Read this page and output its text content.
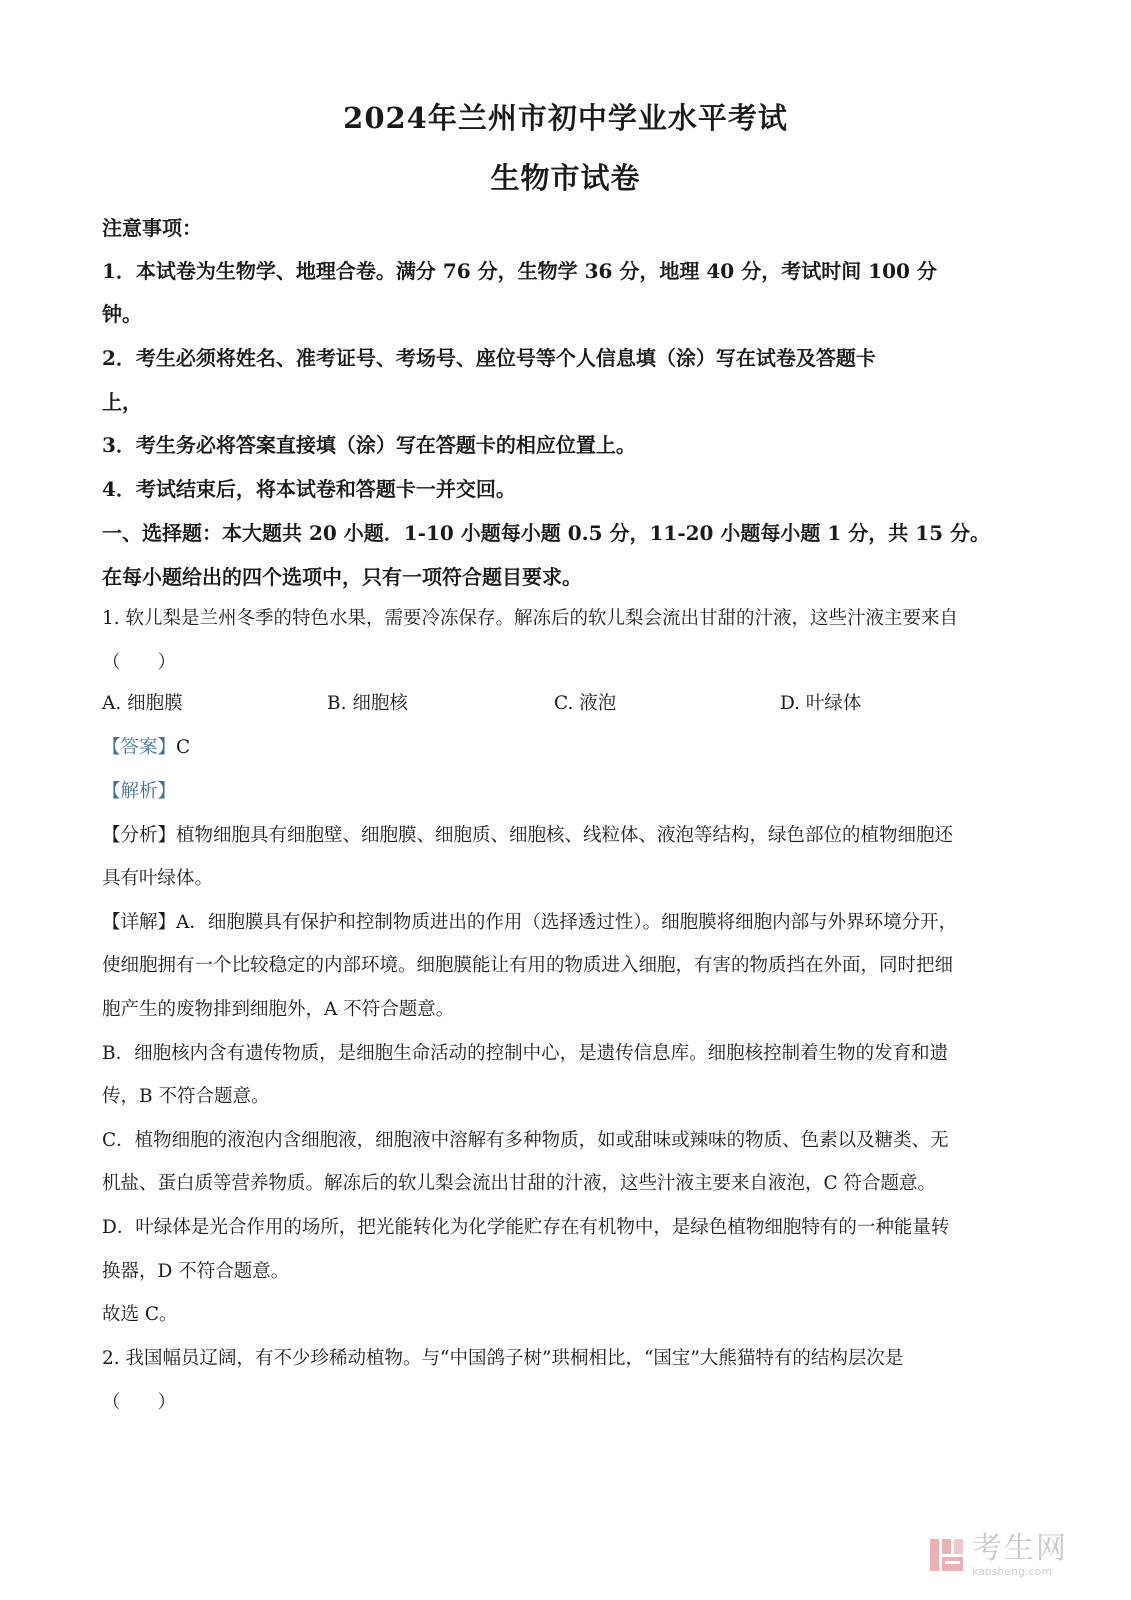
2024年兰州市初中学业水平考试
生物市试卷
注意事项：
1．本试卷为生物学、地理合卷。满分 76 分，生物学 36 分，地理 40 分，考试时间 100 分
钟。
2．考生必须将姓名、准考证号、考场号、座位号等个人信息填（涂）写在试卷及答题卡
上，
3．考生务必将答案直接填（涂）写在答题卡的相应位置上。
4．考试结束后，将本试卷和答题卡一并交回。
一、选择题：本大题共 20 小题．1-10 小题每小题 0.5 分，11-20 小题每小题 1 分，共 15 分。
在每小题给出的四个选项中，只有一项符合题目要求。
1. 软儿梨是兰州冬季的特色水果，需要冷冻保存。解冻后的软儿梨会流出甘甜的汁液，这些汁液主要来自
（　　）
A. 细胞膜	B. 细胞核	C. 液泡	D. 叶绿体
【答案】C
【解析】
【分析】植物细胞具有细胞壁、细胞膜、细胞质、细胞核、线粒体、液泡等结构，绿色部位的植物细胞还
具有叶绿体。
【详解】A．细胞膜具有保护和控制物质进出的作用（选择透过性）。细胞膜将细胞内部与外界环境分开，
使细胞拥有一个比较稳定的内部环境。细胞膜能让有用的物质进入细胞，有害的物质挡在外面，同时把细
胞产生的废物排到细胞外，A 不符合题意。
B．细胞核内含有遗传物质，是细胞生命活动的控制中心，是遗传信息库。细胞核控制着生物的发育和遗
传，B 不符合题意。
C．植物细胞的液泡内含细胞液，细胞液中溶解有多种物质，如或甜味或辣味的物质、色素以及糖类、无
机盐、蛋白质等营养物质。解冻后的软儿梨会流出甘甜的汁液，这些汁液主要来自液泡，C 符合题意。
D．叶绿体是光合作用的场所，把光能转化为化学能贮存在有机物中，是绿色植物细胞特有的一种能量转
换器，D 不符合题意。
故选 C。
2. 我国幅员辽阔，有不少珍稀动植物。与“中国鸽子树”珙桐相比，“国宝”大熊猫特有的结构层次是
（　　）
考生网
kaosheng.com
